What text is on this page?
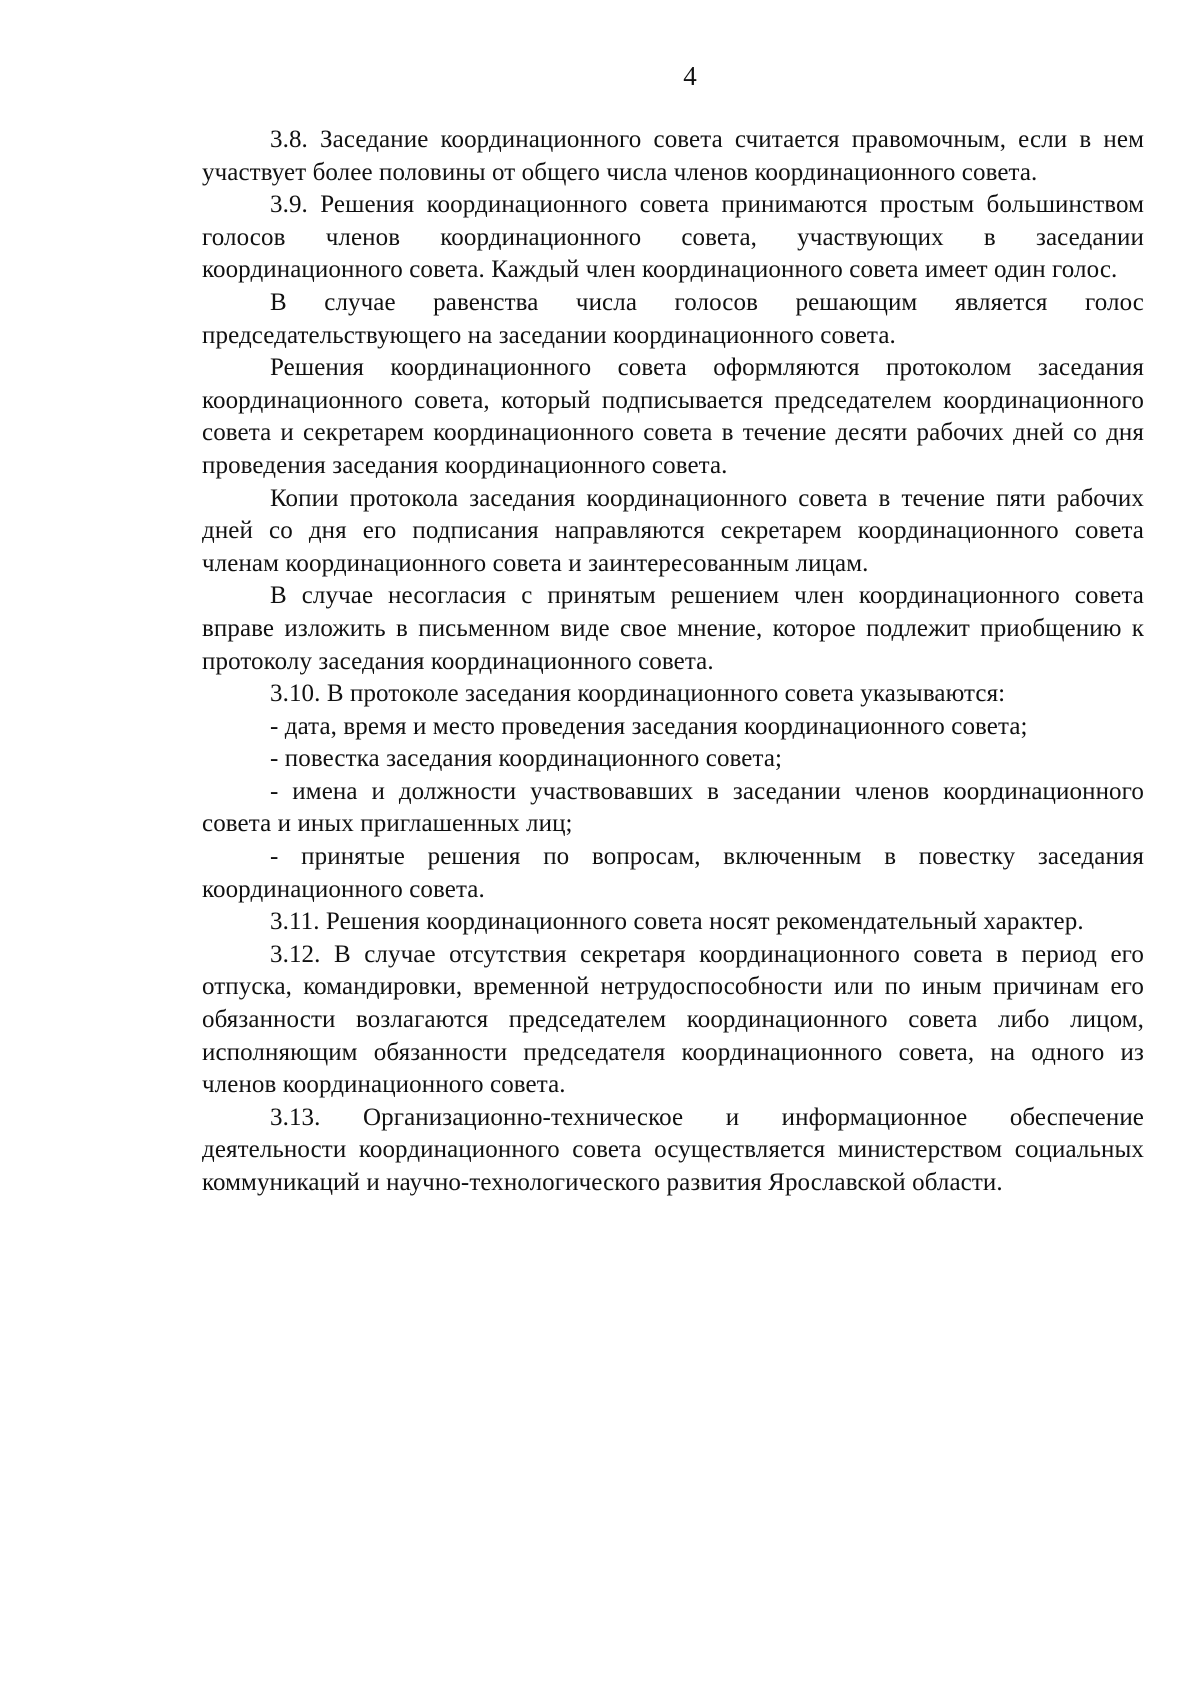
4

3.8. Заседание координационного совета считается правомочным, если в нем участвует более половины от общего числа членов координационного совета.

3.9. Решения координационного совета принимаются простым большинством голосов членов координационного совета, участвующих в заседании координационного совета. Каждый член координационного совета имеет один голос.

В случае равенства числа голосов решающим является голос председательствующего на заседании координационного совета.

Решения координационного совета оформляются протоколом заседания координационного совета, который подписывается председателем координационного совета и секретарем координационного совета в течение десяти рабочих дней со дня проведения заседания координационного совета.

Копии протокола заседания координационного совета в течение пяти рабочих дней со дня его подписания направляются секретарем координационного совета членам координационного совета и заинтересованным лицам.

В случае несогласия с принятым решением член координационного совета вправе изложить в письменном виде свое мнение, которое подлежит приобщению к протоколу заседания координационного совета.

3.10. В протоколе заседания координационного совета указываются:

- дата, время и место проведения заседания координационного совета;

- повестка заседания координационного совета;

- имена и должности участвовавших в заседании членов координационного совета и иных приглашенных лиц;

- принятые решения по вопросам, включенным в повестку заседания координационного совета.

3.11. Решения координационного совета носят рекомендательный характер.

3.12. В случае отсутствия секретаря координационного совета в период его отпуска, командировки, временной нетрудоспособности или по иным причинам его обязанности возлагаются председателем координационного совета либо лицом, исполняющим обязанности председателя координационного совета, на одного из членов координационного совета.

3.13. Организационно-техническое и информационное обеспечение деятельности координационного совета осуществляется министерством социальных коммуникаций и научно-технологического развития Ярославской области.
